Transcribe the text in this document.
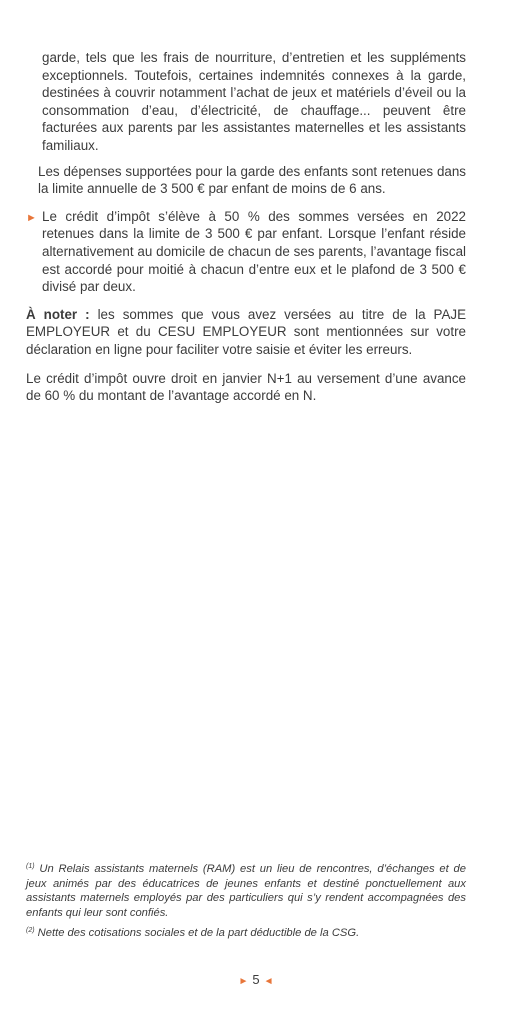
garde, tels que les frais de nourriture, d’entretien et les suppléments exceptionnels. Toutefois, certaines indemnités connexes à la garde, destinées à couvrir notamment l’achat de jeux et matériels d’éveil ou la consommation d’eau, d’électricité, de chauffage... peuvent être facturées aux parents par les assistantes maternelles et les assistants familiaux.

Les dépenses supportées pour la garde des enfants sont retenues dans la limite annuelle de 3 500 € par enfant de moins de 6 ans.

► Le crédit d’impôt s’élève à 50 % des sommes versées en 2022 retenues dans la limite de 3 500 € par enfant. Lorsque l’enfant réside alternativement au domicile de chacun de ses parents, l’avantage fiscal est accordé pour moitié à chacun d’entre eux et le plafond de 3 500 € divisé par deux.

À noter : les sommes que vous avez versées au titre de la PAJE EMPLOYEUR et du CESU EMPLOYEUR sont mentionnées sur votre déclaration en ligne pour faciliter votre saisie et éviter les erreurs.

Le crédit d’impôt ouvre droit en janvier N+1 au versement d’une avance de 60 % du montant de l’avantage accordé en N.

$^{(1)}$ Un Relais assistants maternels (RAM) est un lieu de rencontres, d’échanges et de jeux animés par des éducatrices de jeunes enfants et destiné ponctuellement aux assistants maternels employés par des particuliers qui s’y rendent accompagnées des enfants qui leur sont confiés.

$^{(2)}$ Nette des cotisations sociales et de la part déductible de la CSG.

► 5 ◄
